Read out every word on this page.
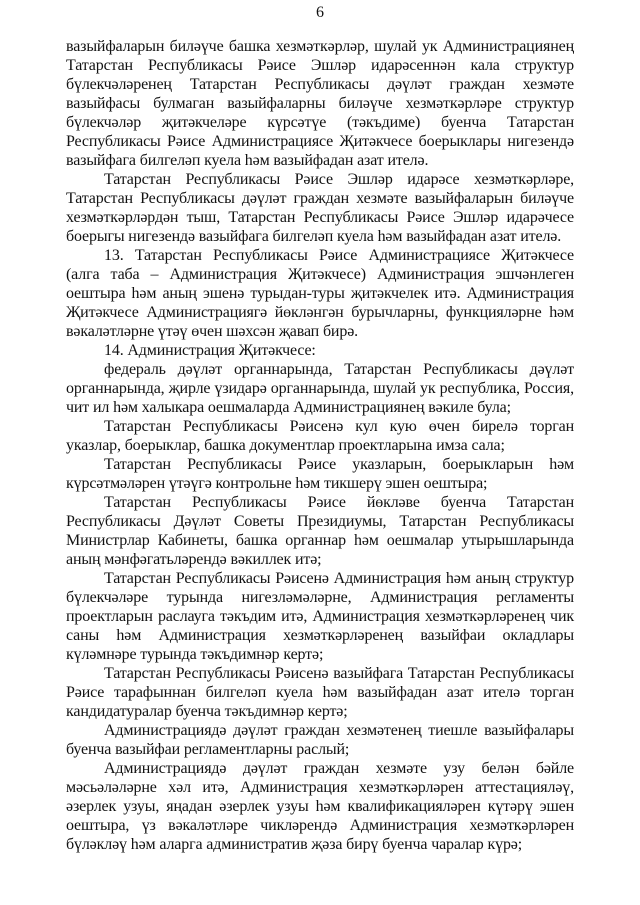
6

вазыйфаларын биләүче башка хезмәткәрләр, шулай ук Администрациянең Татарстан Республикасы Рәисе Эшләр идарәсеннән кала структур бүлекчәләренең Татарстан Республикасы дәүләт граждан хезмәте вазыйфасы булмаган вазыйфаларны биләүче хезмәткәрләре структур бүлекчәләр җитәкчеләре күрсәтүе (тәкъдиме) буенча Татарстан Республикасы Рәисе Администрациясе Җитәкчесе боерыклары нигезендә вазыйфага билгеләп куела һәм вазыйфадан азат ителә.

Татарстан Республикасы Рәисе Эшләр идарәсе хезмәткәрләре, Татарстан Республикасы дәүләт граждан хезмәте вазыйфаларын биләүче хезмәткәрләрдән тыш, Татарстан Республикасы Рәисе Эшләр идарәчесе боерыгы нигезендә вазыйфага билгеләп куела һәм вазыйфадан азат ителә.

13. Татарстан Республикасы Рәисе Администрациясе Җитәкчесе (алга таба – Администрация Җитәкчесе) Администрация эшчәнлеген оештыра һәм аның эшенә турыдан-туры җитәкчелек итә. Администрация Җитәкчесе Администрациягә йөкләнгән бурычларны, функцияләрне һәм вәкаләтләрне үтәү өчен шәхсән җавап бирә.

14. Администрация Җитәкчесе:

федераль дәүләт органнарында, Татарстан Республикасы дәүләт органнарында, җирле үзидарә органнарында, шулай ук республика, Россия, чит ил һәм халыкара оешмаларда Администрациянең вәкиле була;

Татарстан Республикасы Рәисенә кул кую өчен бирелә торган указлар, боерыклар, башка документлар проектларына имза сала;

Татарстан Республикасы Рәисе указларын, боерыкларын һәм күрсәтмәләрен үтәүгә контрольне һәм тикшерү эшен оештыра;

Татарстан Республикасы Рәисе йөкләве буенча Татарстан Республикасы Дәүләт Советы Президиумы, Татарстан Республикасы Министрлар Кабинеты, башка органнар һәм оешмалар утырышларында аның мәнфәгатьләрендә вәкиллек итә;

Татарстан Республикасы Рәисенә Администрация һәм аның структур бүлекчәләре турында нигезләмәләрне, Администрация регламенты проектларын раслауга тәкъдим итә, Администрация хезмәткәрләренең чик саны һәм Администрация хезмәткәрләренең вазыйфаи окладлары күләмнәре турында тәкъдимнәр кертә;

Татарстан Республикасы Рәисенә вазыйфага Татарстан Республикасы Рәисе тарафыннан билгеләп куела һәм вазыйфадан азат ителә торган кандидатуралар буенча тәкъдимнәр кертә;

Администрациядә дәүләт граждан хезмәтенең тиешле вазыйфалары буенча вазыйфаи регламентларны раслый;

Администрациядә дәүләт граждан хезмәте узу белән бәйле мәсьәләләрне хәл итә, Администрация хезмәткәрләрен аттестацияләү, әзерлек узуы, яңадан әзерлек узуы һәм квалификацияләрен күтәрү эшен оештыра, үз вәкаләтләре чикләрендә Администрация хезмәткәрләрен бүләкләү һәм аларга административ җәза бирү буенча чаралар күрә;
